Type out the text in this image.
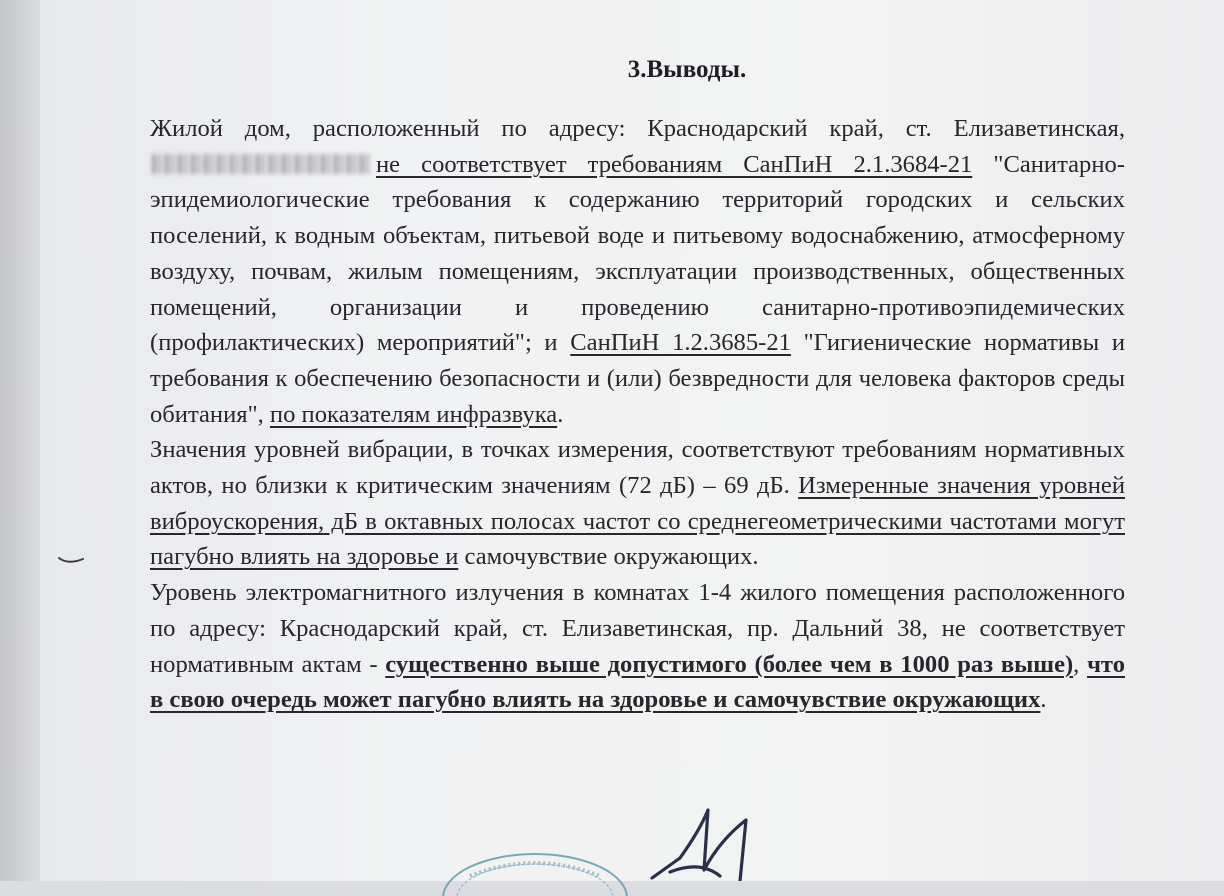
3.Выводы.

Жилой дом, расположенный по адресу: Краснодарский край, ст. Елизаветинская,не соответствует требованиям СанПиН 2.1.3684-21 "Санитарно-эпидемиологические требования к содержанию территорий городских и сельских поселений, к водным объектам, питьевой воде и питьевому водоснабжению, атмосферному воздуху, почвам, жилым помещениям, эксплуатации производственных, общественных помещений, организации и проведению санитарно-противоэпидемических (профилактических) мероприятий"; и СанПиН 1.2.3685-21 "Гигиенические нормативы и требования к обеспечению безопасности и (или) безвредности для человека факторов среды обитания", по показателям инфразвука.

Значения уровней вибрации, в точках измерения, соответствуют требованиям нормативных актов, но близки к критическим значениям (72 дБ) – 69 дБ. Измеренные значения уровней виброускорения, дБ в октавных полосах частот со среднегеометрическими частотами могут пагубно влиять на здоровье и самочувствие окружающих.

Уровень электромагнитного излучения в комнатах 1-4 жилого помещения расположенного по адресу: Краснодарский край, ст. Елизаветинская, пр. Дальний 38, не соответствует нормативным актам - существенно выше допустимого (более чем в 1000 раз выше), что в свою очередь может пагубно влиять на здоровье и самочувствие окружающих.
